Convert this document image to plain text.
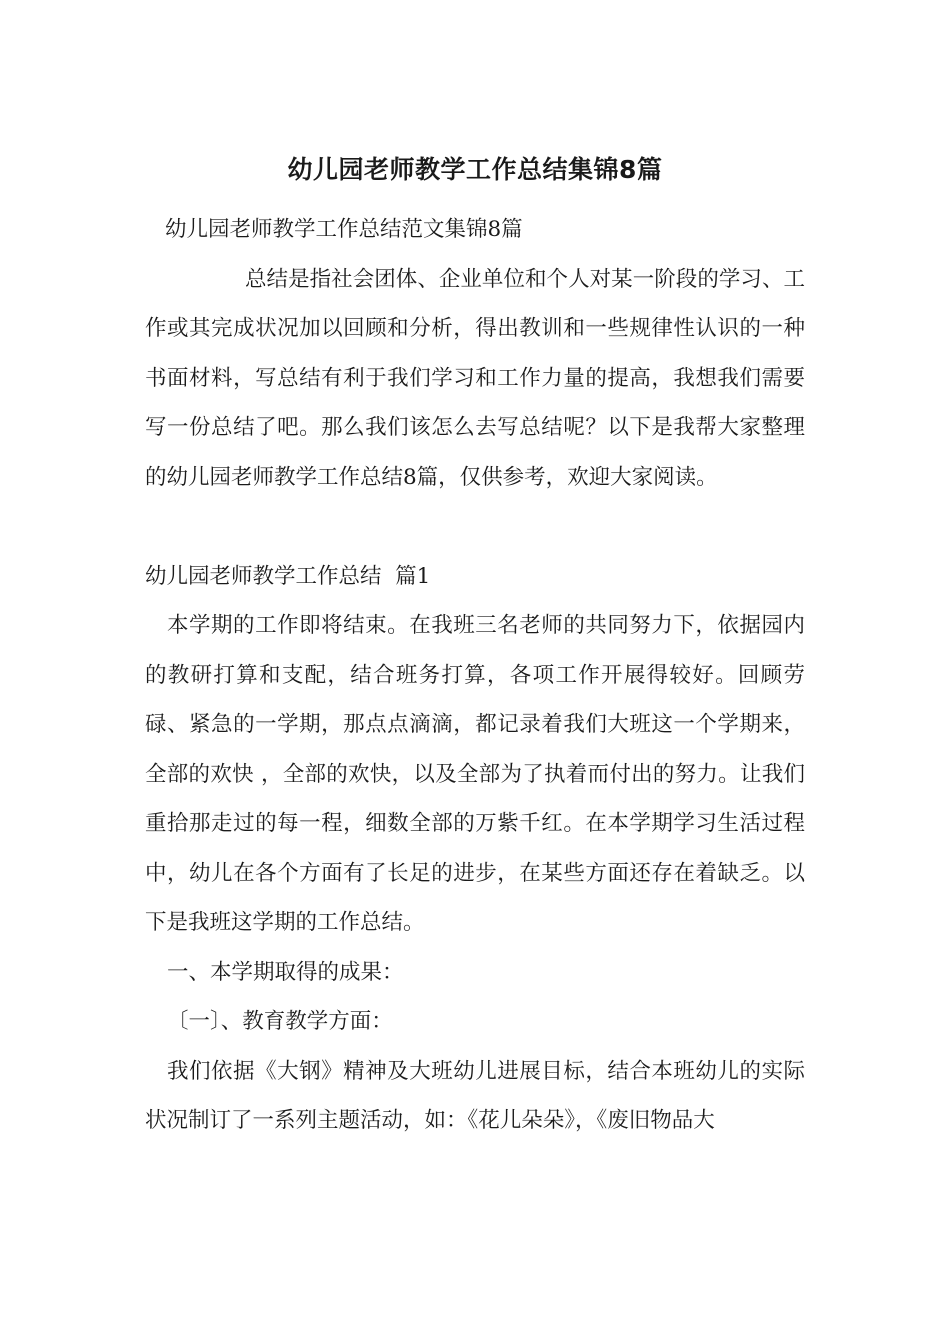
幼儿园老师教学工作总结集锦8篇

幼儿园老师教学工作总结范文集锦8篇

总结是指社会团体、企业单位和个人对某一阶段的学习、工作或其完成状况加以回顾和分析，得出教训和一些规律性认识的一种书面材料，写总结有利于我们学习和工作力量的提高，我想我们需要写一份总结了吧。那么我们该怎么去写总结呢？以下是我帮大家整理的幼儿园老师教学工作总结8篇，仅供参考，欢迎大家阅读。

幼儿园老师教学工作总结  篇1

本学期的工作即将结束。在我班三名老师的共同努力下，依据园内的教研打算和支配，结合班务打算，各项工作开展得较好。回顾劳碌、紧急的一学期，那点点滴滴，都记录着我们大班这一个学期来，全部的欢快 ，全部的欢快，以及全部为了执着而付出的努力。让我们重拾那走过的每一程，细数全部的万紫千红。在本学期学习生活过程中，幼儿在各个方面有了长足的进步，在某些方面还存在着缺乏。以下是我班这学期的工作总结。

一、本学期取得的成果：

〔一〕、教育教学方面：

我们依据《大钢》精神及大班幼儿进展目标，结合本班幼儿的实际状况制订了一系列主题活动，如：《花儿朵朵》，《废旧物品大
